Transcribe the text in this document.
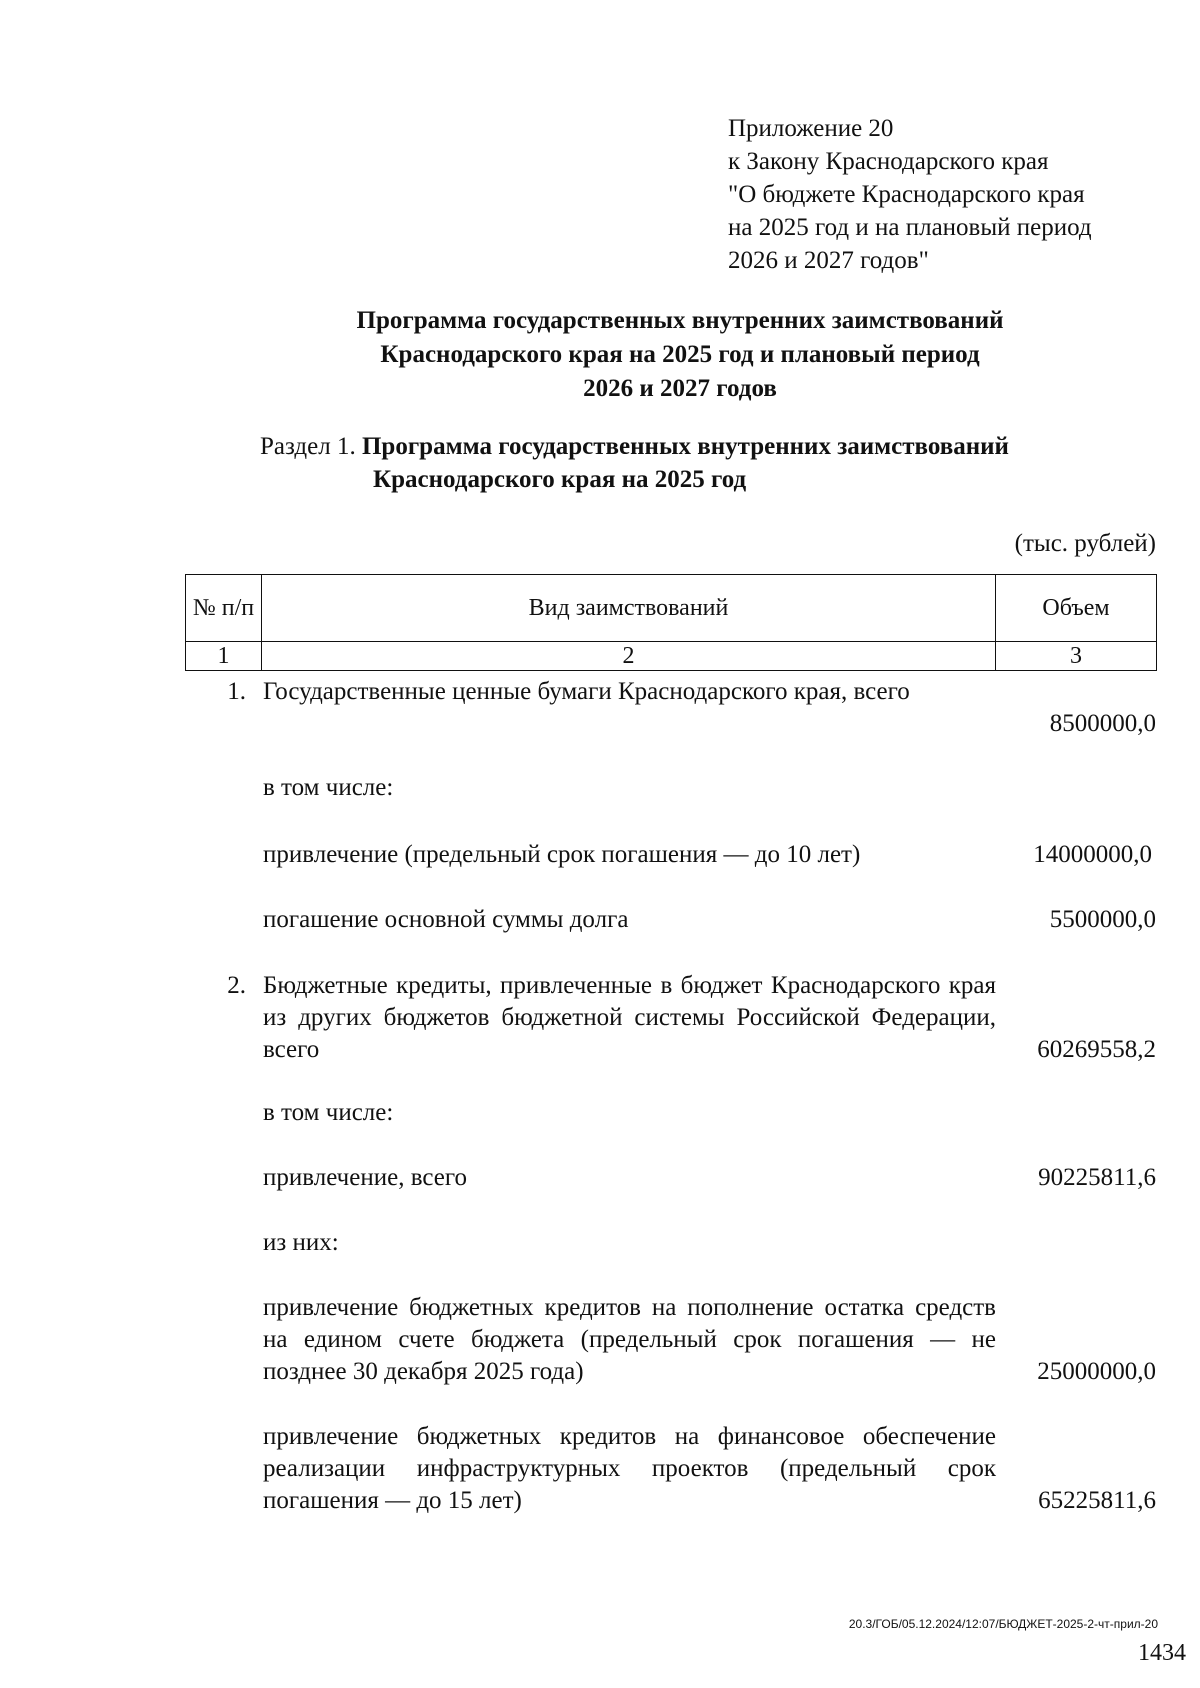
Приложение 20
к Закону Краснодарского края
"О бюджете Краснодарского края
на 2025 год и на плановый период
2026 и 2027 годов"
Программа государственных внутренних заимствований
Краснодарского края на 2025 год и плановый период
2026 и 2027 годов
Раздел 1. Программа государственных внутренних заимствований
Краснодарского края на 2025 год
(тыс. рублей)
№ п/п	Вид заимствований	Объем
1	2	3
1. Государственные ценные бумаги Краснодарского края, всего
8500000,0
в том числе:
привлечение (предельный срок погашения — до 10 лет)	14000000,0
погашение основной суммы долга	5500000,0
2. Бюджетные кредиты, привлеченные в бюджет Краснодарского края из других бюджетов бюджетной системы Российской Федерации, всего	60269558,2
в том числе:
привлечение, всего	90225811,6
из них:
привлечение бюджетных кредитов на пополнение остатка средств на едином счете бюджета (предельный срок погашения — не позднее 30 декабря 2025 года)	25000000,0
привлечение бюджетных кредитов на финансовое обеспечение реализации инфраструктурных проектов (предельный срок погашения — до 15 лет)	65225811,6
20.3/ГОБ/05.12.2024/12:07/БЮДЖЕТ-2025-2-чт-прил-20
1434
